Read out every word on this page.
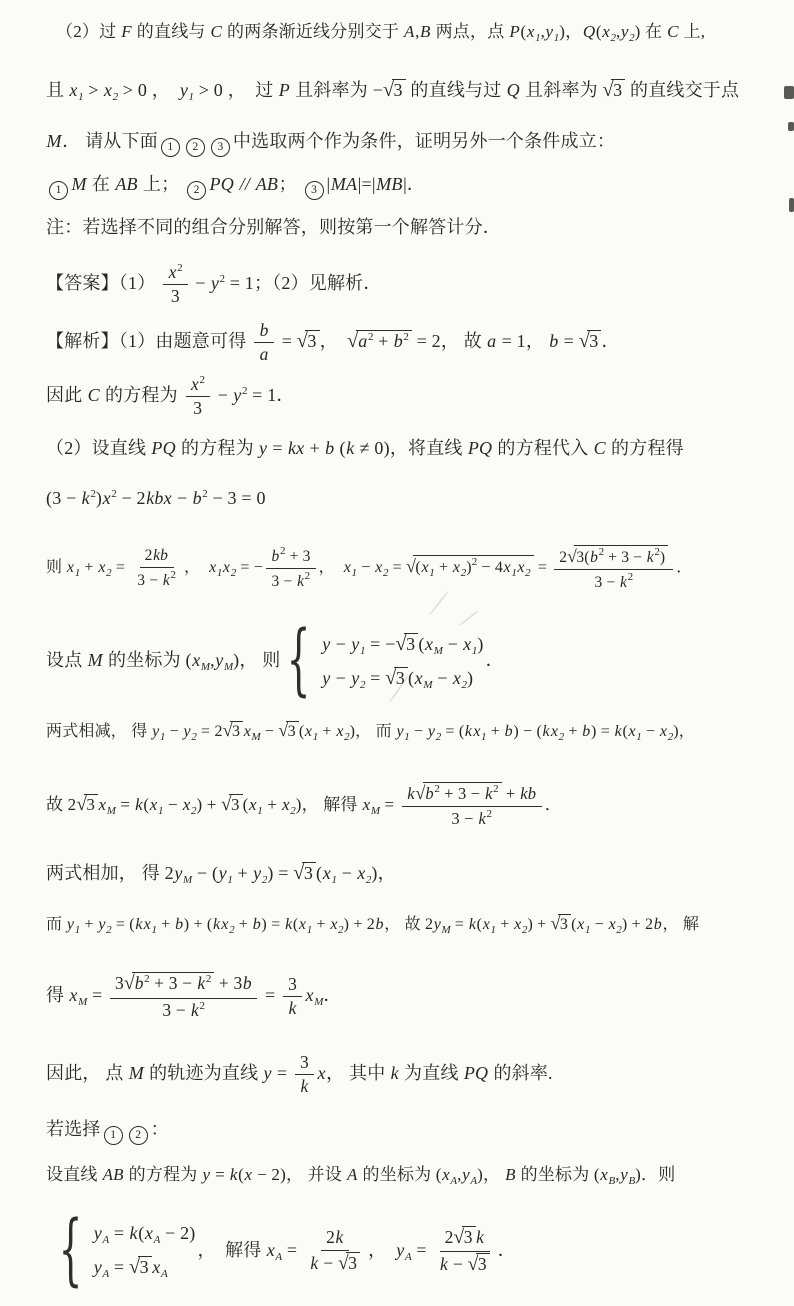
（2）过 F 的直线与 C 的两条渐近线分别交于 A,B 两点，点 $P(x_1,y_1)$，$Q(x_2,y_2)$ 在 C 上,
且 $x_1 > x_2 > 0$ ，  $y_1 > 0$ ，  过 P 且斜率为 −√3 的直线与过 Q 且斜率为 √3 的直线交于点
M． 请从下面 1 2 3 中选取两个作为条件，证明另外一个条件成立：
1 M 在 AB 上； 2 PQ // AB； 3 |MA|=|MB|．
注：若选择不同的组合分别解答，则按第一个解答计分．
【答案】$(1) \frac{x^2}{3} - y^2 = 1$；（2）见解析．
【解析】（1）由题意可得 $\frac{b}{a} = √3$ ，  $√a^2 + b^2 = 2$， 故 a = 1， b = √3 ．
因此 C 的方程为 $\frac{x^2}{3} - y^2 = 1$．
（2）设直线 PQ 的方程为 y = kx + b (k ≠ 0)，将直线 PQ 的方程代入 C 的方程得
$(3 - k^2)x^2 - 2kbx - b^2 - 3 = 0$
则 $x_1 + x_2 = \frac{2kb}{3 - k^2}$ ，  $x_1x_2$ = − $\frac{b^2 + 3}{3 - k^2}$ ，  $x_1 - x_2 = √(x_1 + x_2)^2 - 4x_1x_2 = \frac{2√3(b^2 + 3 - k^2)}{3 - k^2}$ ．
设点 M 的坐标为 $(x_M,y_M)$， 则 { $y - y_1 = -√3$ $(x_M - x_1)$
$y - y_2 = √3$ $(x_M - x_2)$
．
两式相减， 得 $y_1 - y_2 = 2√3$ $x_M - √3$ $(x_1 + x_2)$， 而 $y_1 - y_2 = (kx_1 + b) - (kx_2 + b) = k(x_1 - x_2)$，
故 2√3 $x_M = k(x_1 - x_2) + √3$ $(x_1 + x_2)$， 解得 $x_M = \frac{k√b^2 + 3 - k^2 + kb}{3 - k^2}$ ．
两式相加， 得 $2y_M - (y_1 + y_2) = √3$ $(x_1 - x_2)$，
而 $y_1 + y_2 = (kx_1 + b) + (kx_2 + b) = k(x_1 + x_2) + 2b$， 故 $2y_M = k(x_1 + x_2) + √3$ $(x_1 - x_2) + 2b$， 解
得 $x_M = \frac{3√b^2 + 3 - k^2 + 3b}{3 - k^2} = \frac{3}{k} x_M$．
因此， 点 M 的轨迹为直线 $y = \frac{3}{k}$ x， 其中 k 为直线 PQ 的斜率.
若选择 1 2 ：
设直线 AB 的方程为 y = k(x − 2)， 并设 A 的坐标为 $(x_A,y_A)$， B 的坐标为 $(x_B,y_B)$．则
{ $y_A = k(x_A - 2)$
$y_A = √3$ $x_A$
，  解得 $x_A = \frac{2k}{k - √3}$ ，  $y_A = \frac{2√3 k}{k - √3}$ ．
